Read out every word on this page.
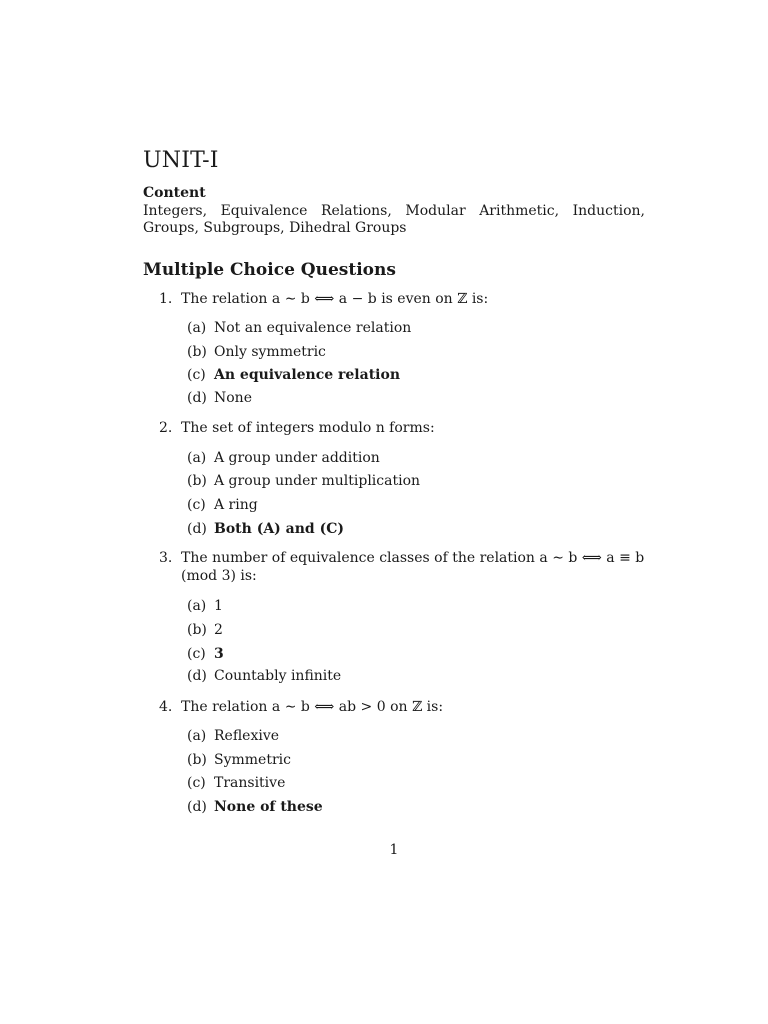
UNIT-I
Content

Integers, Equivalence Relations, Modular Arithmetic, Induction, Groups, Subgroups, Dihedral Groups

Multiple Choice Questions
1. The relation a ∼ b ⟺ a − b is even on ℤ is:
(a) Not an equivalence relation
(b) Only symmetric
(c) An equivalence relation
(d) None
2. The set of integers modulo n forms:
(a) A group under addition
(b) A group under multiplication
(c) A ring
(d) Both (A) and (C)
3. The number of equivalence classes of the relation a ∼ b ⟺ a ≡ b (mod 3) is:
(a) 1
(b) 2
(c) 3
(d) Countably infinite
4. The relation a ∼ b ⟺ ab > 0 on ℤ is:
(a) Reflexive
(b) Symmetric
(c) Transitive
(d) None of these
1
